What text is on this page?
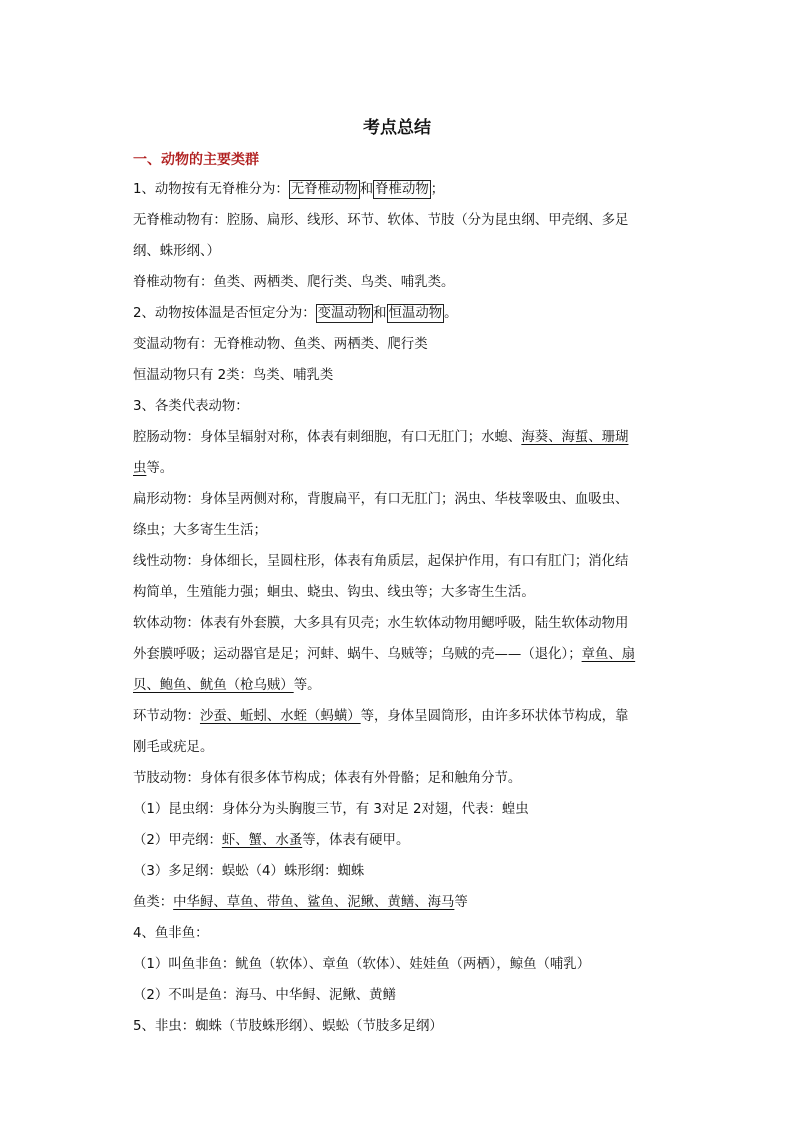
考点总结
一、动物的主要类群
1、动物按有无脊椎分为： 无脊椎动物 和 脊椎动物 ；
无脊椎动物有：腔肠、扁形、线形、环节、软体、节肢（分为昆虫纲、甲壳纲、多足
纲、蛛形纲、）
脊椎动物有：鱼类、两栖类、爬行类、鸟类、哺乳类。
2、动物按体温是否恒定分为： 变温动物 和 恒温动物 。
变温动物有：无脊椎动物、鱼类、两栖类、爬行类
恒温动物只有 2类：鸟类、哺乳类
3、各类代表动物：
腔肠动物：身体呈辐射对称，体表有刺细胞，有口无肛门；水螅、海葵、海蜇、珊瑚
虫等。
扁形动物：身体呈两侧对称，背腹扁平，有口无肛门；涡虫、华枝睾吸虫、血吸虫、
绦虫；大多寄生生活；
线性动物：身体细长，呈圆柱形，体表有角质层，起保护作用，有口有肛门；消化结
构简单，生殖能力强；蛔虫、蛲虫、钩虫、线虫等；大多寄生生活。
软体动物：体表有外套膜，大多具有贝壳；水生软体动物用鳃呼吸，陆生软体动物用
外套膜呼吸；运动器官是足；河蚌、蜗牛、乌贼等；乌贼的壳——（退化）；章鱼、扇
贝、鲍鱼、鱿鱼（枪乌贼）等。
环节动物：沙蚕、蚯蚓、水蛭（蚂蟥）等，身体呈圆筒形，由许多环状体节构成，靠
刚毛或疣足。
节肢动物：身体有很多体节构成；体表有外骨骼；足和触角分节。
（1）昆虫纲：身体分为头胸腹三节，有 3对足 2对翅，代表：蝗虫
（2）甲壳纲：虾、蟹、水蚤等，体表有硬甲。
（3）多足纲：蜈蚣（4）蛛形纲：蜘蛛
鱼类：中华鲟、草鱼、带鱼、鲨鱼、泥鳅、黄鳝、海马等
4、鱼非鱼：
（1）叫鱼非鱼：鱿鱼（软体）、章鱼（软体）、娃娃鱼（两栖），鲸鱼（哺乳）
（2）不叫是鱼：海马、中华鲟、泥鳅、黄鳝
5、非虫：蜘蛛（节肢蛛形纲）、蜈蚣（节肢多足纲）
